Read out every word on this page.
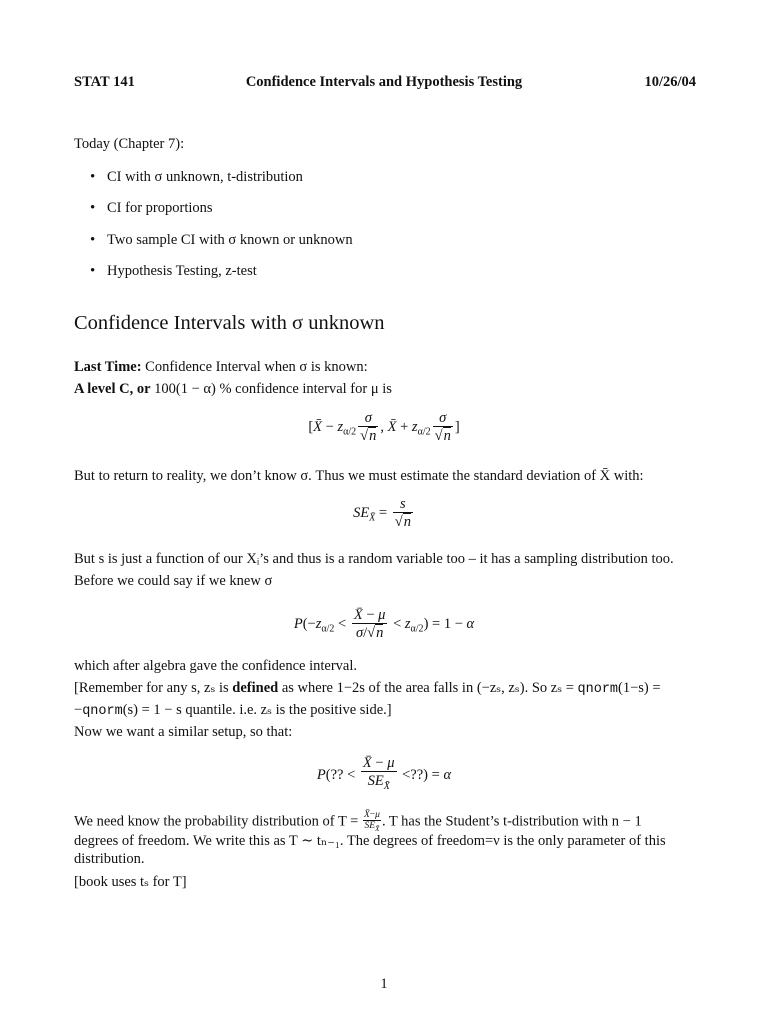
Confidence Intervals and Hypothesis Testing
STAT 141	10/26/04
Today (Chapter 7):
• CI with σ unknown, t-distribution
• CI for proportions
• Two sample CI with σ known or unknown
• Hypothesis Testing, z-test
Confidence Intervals with σ unknown
Last Time: Confidence Interval when σ is known:
A level C, or 100(1 − α) % confidence interval for μ is
[X̄ − $z_{\alpha/2} \frac{\sigma}{√n}$ , X̄ + $z_{\alpha/2} \frac{\sigma}{√n}$ ]
But to return to reality, we don’t know σ. Thus we must estimate the standard deviation of X̄ with:
$SE_{X̄} = \frac{s}{√n}$
But s is just a function of our Xᵢ’s and thus is a random variable too – it has a sampling distribution too.
Before we could say if we knew σ
$P(-z_{\alpha/2} < \frac{X̄ - \mu}{\sigma/√n} < z_{\alpha/2}) = 1 - \alpha$
which after algebra gave the confidence interval.
[Remember for any s, zₛ is defined as where 1−2s of the area falls in (−zₛ, zₛ). So zₛ = qnorm(1−s) =
−qnorm(s) = 1 − s quantile. i.e. zₛ is the positive side.]
Now we want a similar setup, so that:
P(?? < $\frac{X̄ - \mu}{SE_{X̄}}$ <??) = α
We need know the probability distribution of $T = \frac{X̄-\mu}{SE_{X̄}}$ . T has the Student’s t-distribution with n − 1
degrees of freedom. We write this as T ∼ tₙ₋₁. The degrees of freedom=ν is the only parameter of this
distribution.
[book uses tₛ for T]
1
